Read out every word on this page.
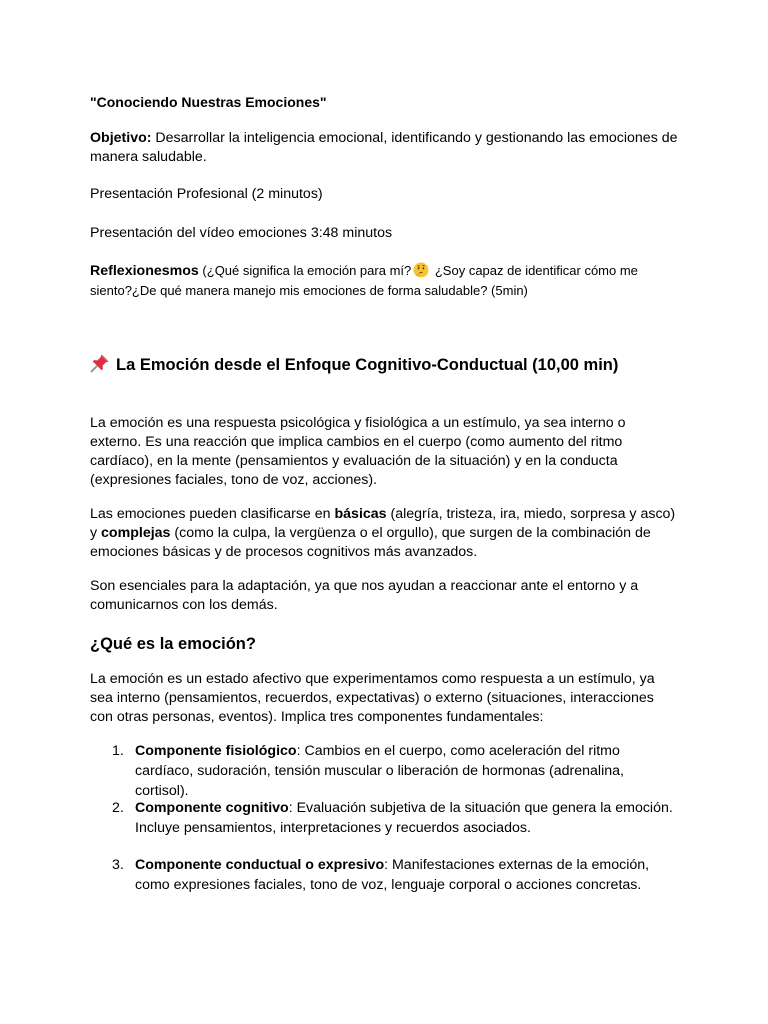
"Conociendo Nuestras Emociones"

Objetivo: Desarrollar la inteligencia emocional, identificando y gestionando las emociones de manera saludable.

Presentación Profesional (2 minutos)

Presentación del vídeo emociones 3:48 minutos

Reflexionesmos (¿Qué significa la emoción para mí? ¿Soy capaz de identificar cómo me siento?¿De qué manera manejo mis emociones de forma saludable? (5min)

La Emoción desde el Enfoque Cognitivo-Conductual (10,00 min)

La emoción es una respuesta psicológica y fisiológica a un estímulo, ya sea interno o externo. Es una reacción que implica cambios en el cuerpo (como aumento del ritmo cardíaco), en la mente (pensamientos y evaluación de la situación) y en la conducta (expresiones faciales, tono de voz, acciones).

Las emociones pueden clasificarse en básicas (alegría, tristeza, ira, miedo, sorpresa y asco) y complejas (como la culpa, la vergüenza o el orgullo), que surgen de la combinación de emociones básicas y de procesos cognitivos más avanzados.

Son esenciales para la adaptación, ya que nos ayudan a reaccionar ante el entorno y a comunicarnos con los demás.

¿Qué es la emoción?

La emoción es un estado afectivo que experimentamos como respuesta a un estímulo, ya sea interno (pensamientos, recuerdos, expectativas) o externo (situaciones, interacciones con otras personas, eventos). Implica tres componentes fundamentales:

1. Componente fisiológico: Cambios en el cuerpo, como aceleración del ritmo cardíaco, sudoración, tensión muscular o liberación de hormonas (adrenalina, cortisol).
2. Componente cognitivo: Evaluación subjetiva de la situación que genera la emoción. Incluye pensamientos, interpretaciones y recuerdos asociados.
3. Componente conductual o expresivo: Manifestaciones externas de la emoción, como expresiones faciales, tono de voz, lenguaje corporal o acciones concretas.
